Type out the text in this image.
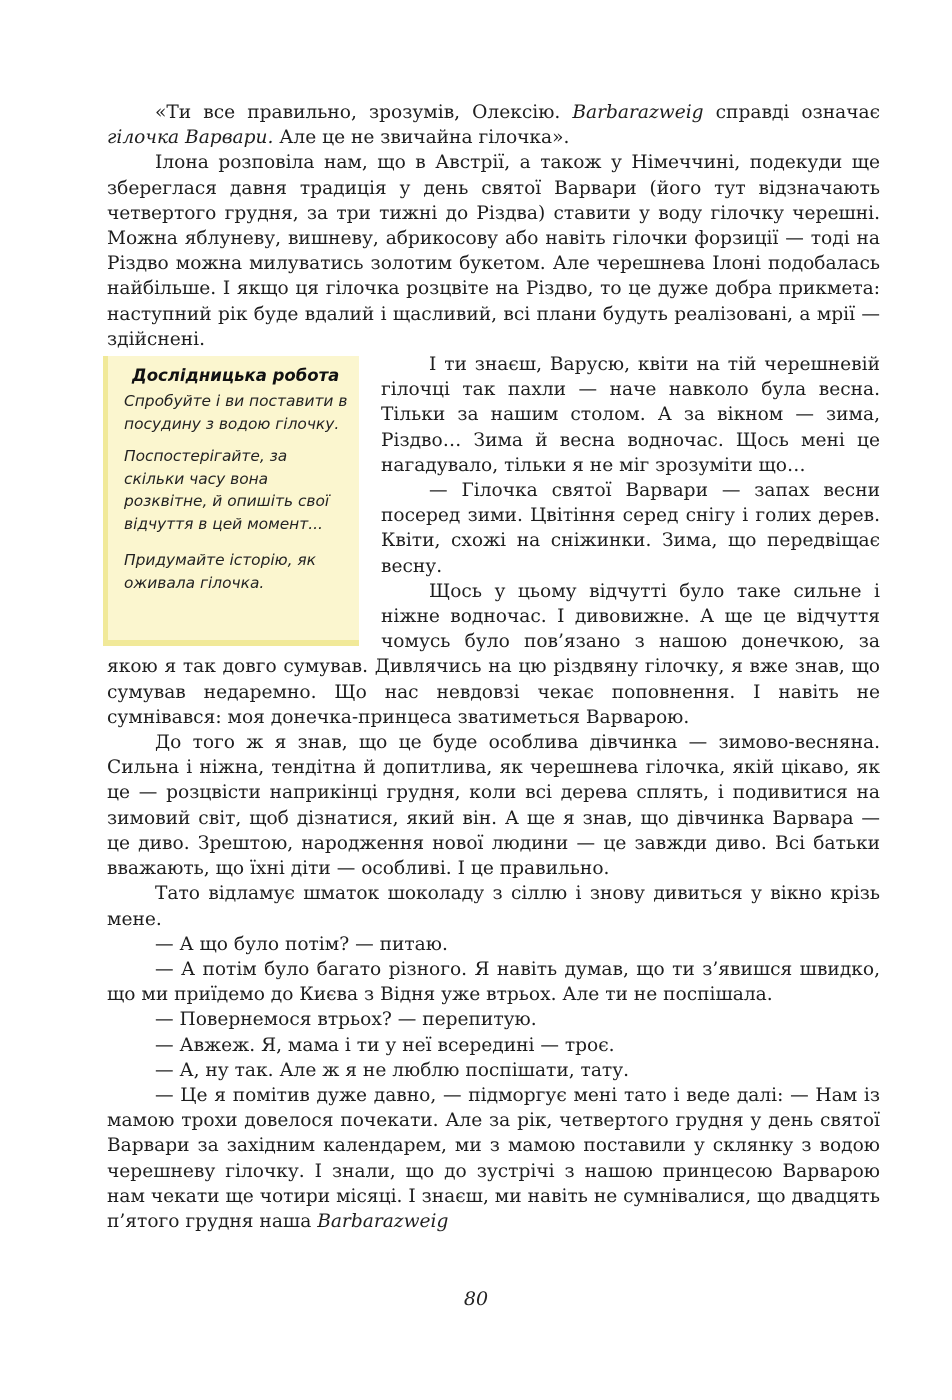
«Ти все правильно, зрозумів, Олексію. Barbarazweig справді означає гілочка Варвари. Але це не звичайна гілочка».

Ілона розповіла нам, що в Австрії, а також у Німеччині, подекуди ще збереглася давня традиція у день святої Варвари (його тут відзначають четвертого грудня, за три тижні до Різдва) ставити у воду гілочку черешні. Можна яблуневу, вишневу, абрикосову або навіть гілочки форзиції — тоді на Різдво можна милуватись золотим букетом. Але черешнева Ілоні подобалась найбільше. І якщо ця гілочка розцвіте на Різдво, то це дуже добра прикмета: наступний рік буде вдалий і щасливий, всі плани будуть реалізовані, а мрії — здійснені.

Дослідницька робота
Спробуйте і ви поставити в посудину з водою гілочку.
Поспостерігайте, за скільки часу вона розквітне, й опишіть свої відчуття в цей момент...
Придумайте історію, як оживала гілочка.

І ти знаєш, Варусю, квіти на тій черешневій гілочці так пахли — наче навколо була весна. Тільки за нашим столом. А за вікном — зима, Різдво… Зима й весна водночас. Щось мені це нагадувало, тільки я не міг зрозуміти що…

— Гілочка святої Варвари — запах весни посеред зими. Цвітіння серед снігу і голих дерев. Квіти, схожі на сніжинки. Зима, що передвіщає весну.

Щось у цьому відчутті було таке сильне і ніжне водночас. І дивовижне. А ще це відчуття чомусь було пов’язано з нашою донечкою, за якою я так довго сумував. Дивлячись на цю різдвяну гілочку, я вже знав, що сумував недаремно. Що нас невдовзі чекає поповнення. І навіть не сумнівався: моя донечка-принцеса зватиметься Варварою.

До того ж я знав, що це буде особлива дівчинка — зимово-весняна. Сильна і ніжна, тендітна й допитлива, як черешнева гілочка, якій цікаво, як це — розцвісти наприкінці грудня, коли всі дерева сплять, і подивитися на зимовий світ, щоб дізнатися, який він. А ще я знав, що дівчинка Варвара — це диво. Зрештою, народження нової людини — це завжди диво. Всі батьки вважають, що їхні діти — особливі. І це правильно.

Тато відламує шматок шоколаду з сіллю і знову дивиться у вікно крізь мене.

— А що було потім? — питаю.

— А потім було багато різного. Я навіть думав, що ти з’явишся швидко, що ми приїдемо до Києва з Відня уже втрьох. Але ти не поспішала.

— Повернемося втрьох? — перепитую.

— Авжеж. Я, мама і ти у неї всередині — троє.

— А, ну так. Але ж я не люблю поспішати, тату.

— Це я помітив дуже давно, — підморгує мені тато і веде далі: — Нам із мамою трохи довелося почекати. Але за рік, четвертого грудня у день святої Варвари за західним календарем, ми з мамою поставили у склянку з водою черешневу гілочку. І знали, що до зустрічі з нашою принцесою Варварою нам чекати ще чотири місяці. І знаєш, ми навіть не сумнівалися, що двадцять п’ятого грудня наша Barbarazweig

80
